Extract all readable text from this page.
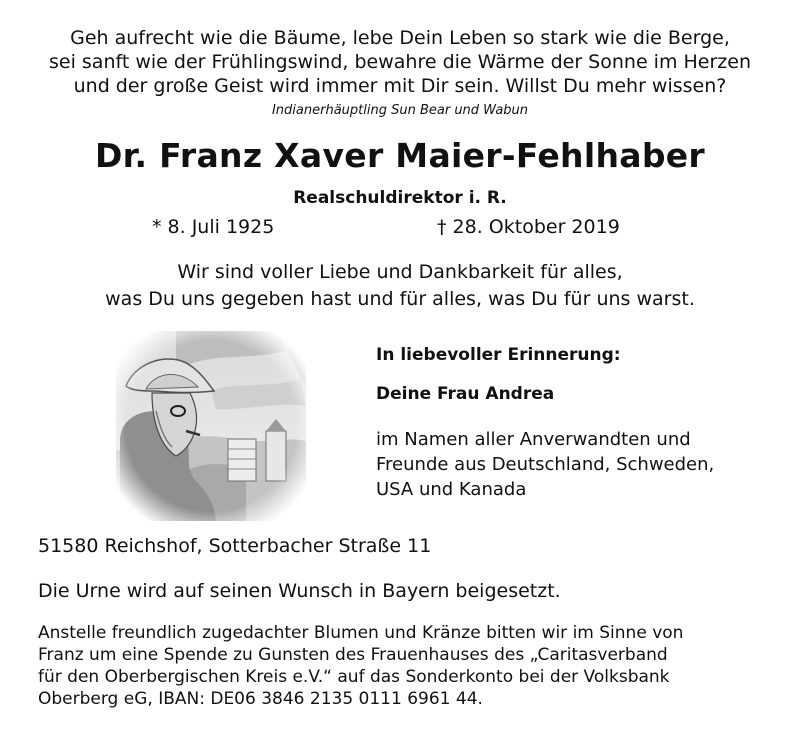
Geh aufrecht wie die Bäume, lebe Dein Leben so stark wie die Berge,
sei sanft wie der Frühlingswind, bewahre die Wärme der Sonne im Herzen
und der große Geist wird immer mit Dir sein. Willst Du mehr wissen?
Indianerhäuptling Sun Bear und Wabun
Dr. Franz Xaver Maier-Fehlhaber
Realschuldirektor i. R.
* 8. Juli 1925	† 28. Oktober 2019
Wir sind voller Liebe und Dankbarkeit für alles,
was Du uns gegeben hast und für alles, was Du für uns warst.
In liebevoller Erinnerung:
Deine Frau Andrea
im Namen aller Anverwandten und
Freunde aus Deutschland, Schweden,
USA und Kanada
51580 Reichshof, Sotterbacher Straße 11
Die Urne wird auf seinen Wunsch in Bayern beigesetzt.
Anstelle freundlich zugedachter Blumen und Kränze bitten wir im Sinne von
Franz um eine Spende zu Gunsten des Frauenhauses des „Caritasverband
für den Oberbergischen Kreis e.V.“ auf das Sonderkonto bei der Volksbank
Oberberg eG, IBAN: DE06 3846 2135 0111 6961 44.
